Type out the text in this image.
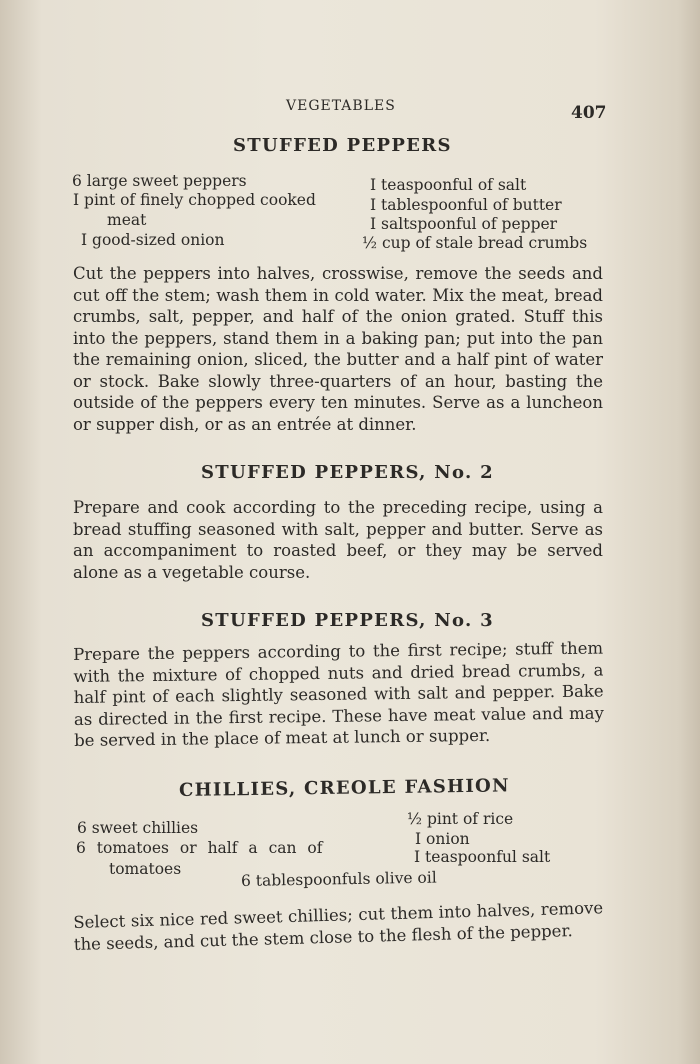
VEGETABLES	407
STUFFED PEPPERS
6 large sweet peppers
I pint of finely chopped cooked
meat
I good-sized onion
I teaspoonful of salt
I tablespoonful of butter
I saltspoonful of pepper
½ cup of stale bread crumbs

Cut the peppers into halves, crosswise, remove the seeds and cut off the stem; wash them in cold water. Mix the meat, bread crumbs, salt, pepper, and half of the onion grated. Stuff this into the peppers, stand them in a baking pan; put into the pan the remaining onion, sliced, the butter and a half pint of water or stock. Bake slowly three-quarters of an hour, basting the outside of the peppers every ten minutes. Serve as a luncheon or supper dish, or as an entrée at dinner.

STUFFED PEPPERS, No. 2

Prepare and cook according to the preceding recipe, using a bread stuffing seasoned with salt, pepper and butter. Serve as an accompaniment to roasted beef, or they may be served alone as a vegetable course.

STUFFED PEPPERS, No. 3

Prepare the peppers according to the first recipe; stuff them with the mixture of chopped nuts and dried bread crumbs, a half pint of each slightly seasoned with salt and pepper. Bake as directed in the first recipe. These have meat value and may be served in the place of meat at lunch or supper.

CHILLIES, CREOLE FASHION
6 sweet chillies
6 tomatoes or half a can of
tomatoes
½ pint of rice
I onion
I teaspoonful salt
6 tablespoonfuls olive oil

Select six nice red sweet chillies; cut them into halves, remove the seeds, and cut the stem close to the flesh of the pepper.
